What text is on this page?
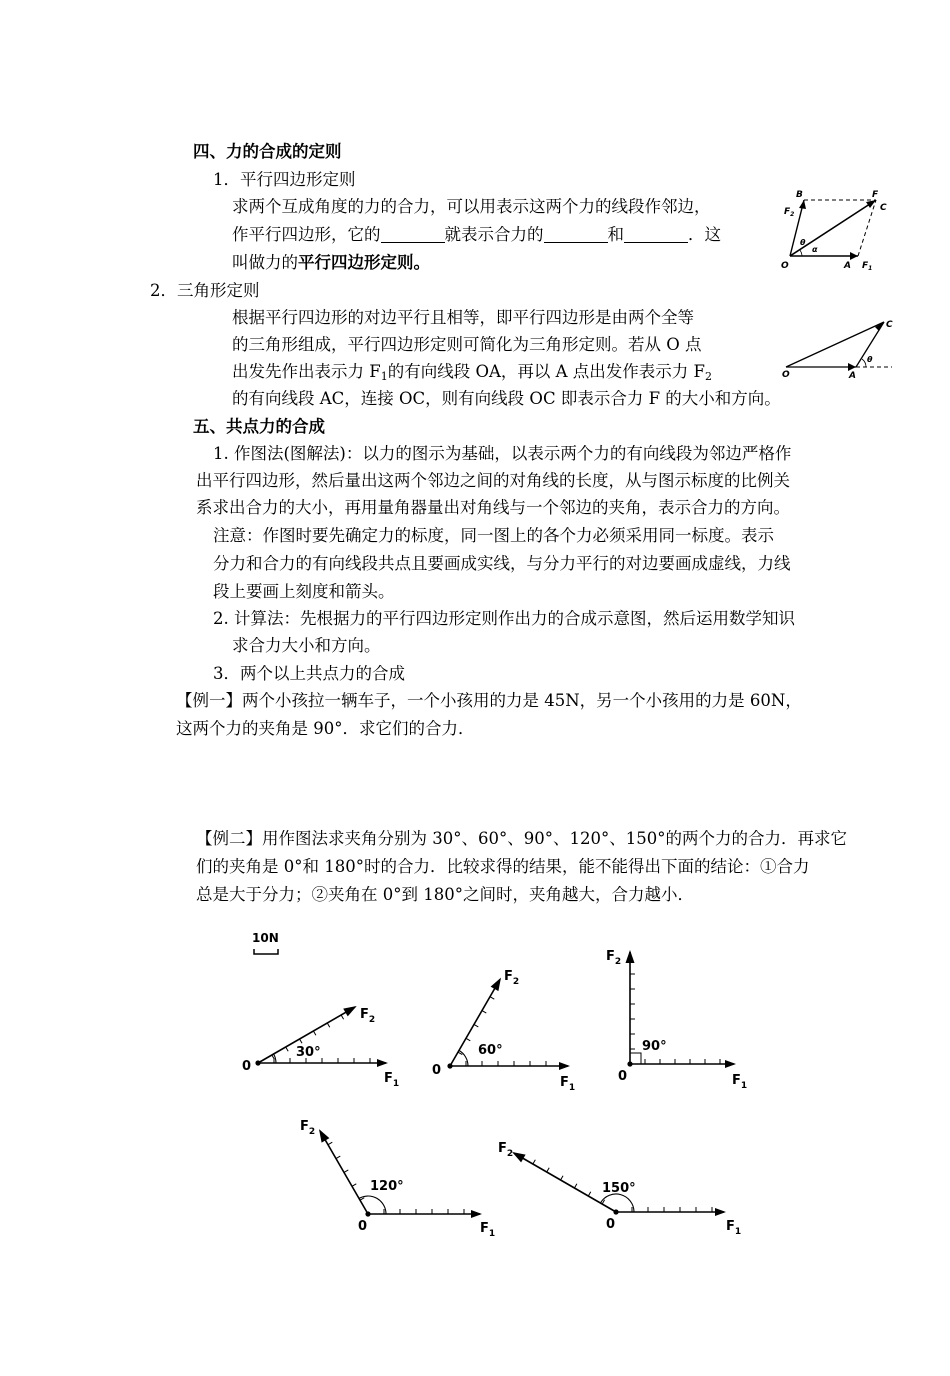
四、力的合成的定则
1．平行四边形定则
求两个互成角度的力的合力，可以用表示这两个力的线段作邻边，
作平行四边形，它的	就表示合力的	和	．这
叫做力的平行四边形定则。
B	F
$F_2$
C
O	A $F_1$
θ
α
2．三角形定则
根据平行四边形的对边平行且相等，即平行四边形是由两个全等
的三角形组成，平行四边形定则可简化为三角形定则。若从 O 点
出发先作出表示力 $F_1$的有向线段 OA，再以 A 点出发作表示力 $F_2$
的有向线段 AC，连接 OC，则有向线段 OC 即表示合力 F 的大小和方向。
C
O	A
θ
五、共点力的合成
1. 作图法(图解法)：以力的图示为基础，以表示两个力的有向线段为邻边严格作
出平行四边形，然后量出这两个邻边之间的对角线的长度，从与图示标度的比例关
系求出合力的大小，再用量角器量出对角线与一个邻边的夹角，表示合力的方向。
注意：作图时要先确定力的标度，同一图上的各个力必须采用同一标度。表示
分力和合力的有向线段共点且要画成实线，与分力平行的对边要画成虚线，力线
段上要画上刻度和箭头。
2. 计算法：先根据力的平行四边形定则作出力的合成示意图，然后运用数学知识
求合力大小和方向。
3．两个以上共点力的合成
【例一】两个小孩拉一辆车子，一个小孩用的力是 45N，另一个小孩用的力是 60N，
这两个力的夹角是 90°．求它们的合力．
【例二】用作图法求夹角分别为 30°、60°、90°、120°、150°的两个力的合力．再求它
们的夹角是 0°和 180°时的合力．比较求得的结果，能不能得出下面的结论：①合力
总是大于分力；②夹角在 0°到 180°之间时，夹角越大，合力越小．
10N
0
$F_1$
$F_2$
30°
0
$F_1$
$F_2$
60°
0	$F_1$
$F_2$
90°
0	$F_1$
$F_2$
120°
0	$F_1$
$F_2$
150°
